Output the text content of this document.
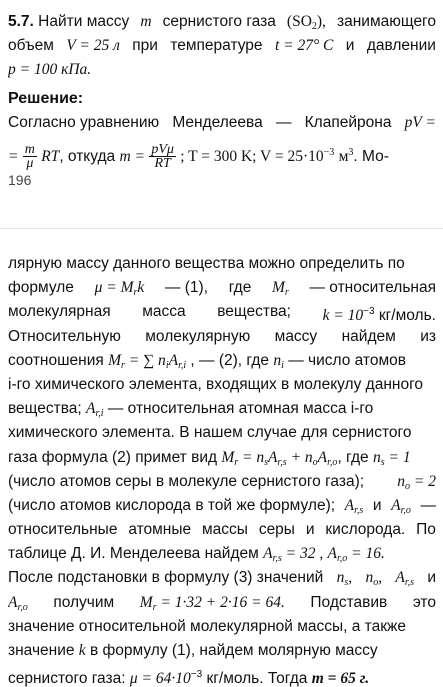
5.7. Найти массу m сернистого газа $(SO_2)$, занимающего
объем V = 25 л при температуре t = 27° C и давлении
p = 100 кПа.
Решение:
Согласно уравнению Менделеева — Клапейрона pV =
= $\frac{m}{\mu}$ RT, откуда $m = \frac{\text{pVμ}}{RT}$ ; T = 300 K; $V = 25\cdot 10^{-3}$ $м^3$. Мо-
196
лярную массу данного вещества можно определить по
формуле $\mu = M_rk$ — (1), где $M_r$ — относительная
молекулярная масса вещества; $k = 10^{-3}$ кг/моль.
Относительную молекулярную массу найдем из
соотношения $M_r$ = ∑ $n_iA_{r,i}$ , — (2), где $n_i$ — число атомов
i-го химического элемента, входящих в молекулу данного
вещества; $A_{r,i}$ — относительная атомная масса i-го
химического элемента. В нашем случае для сернистого
газа формула (2) примет вид $M_r = n_sA_{r,s} + n_oA_{r,o}$, где $n_s = 1$
(число атомов серы в молекуле сернистого газа); $n_o = 2$
(число атомов кислорода в той же формуле); $A_{r,s}$ и $A_{r,o}$ —
относительные атомные массы серы и кислорода. По
таблице Д. И. Менделеева найдем $A_{r,s} = 32$ , $A_{r,o} = 16$.
После подстановки в формулу (3) значений $n_s$, $n_o$, $A_{r,s}$ и
$A_{r,o}$ получим $M_r = 1\cdot 32 + 2\cdot 16 = 64$. Подставив это
значение относительной молекулярной массы, а также
значение k в формулу (1), найдем молярную массу
сернистого газа: $\mu = 64\cdot 10^{-3}$ кг/моль. Тогда m = 65 г.
